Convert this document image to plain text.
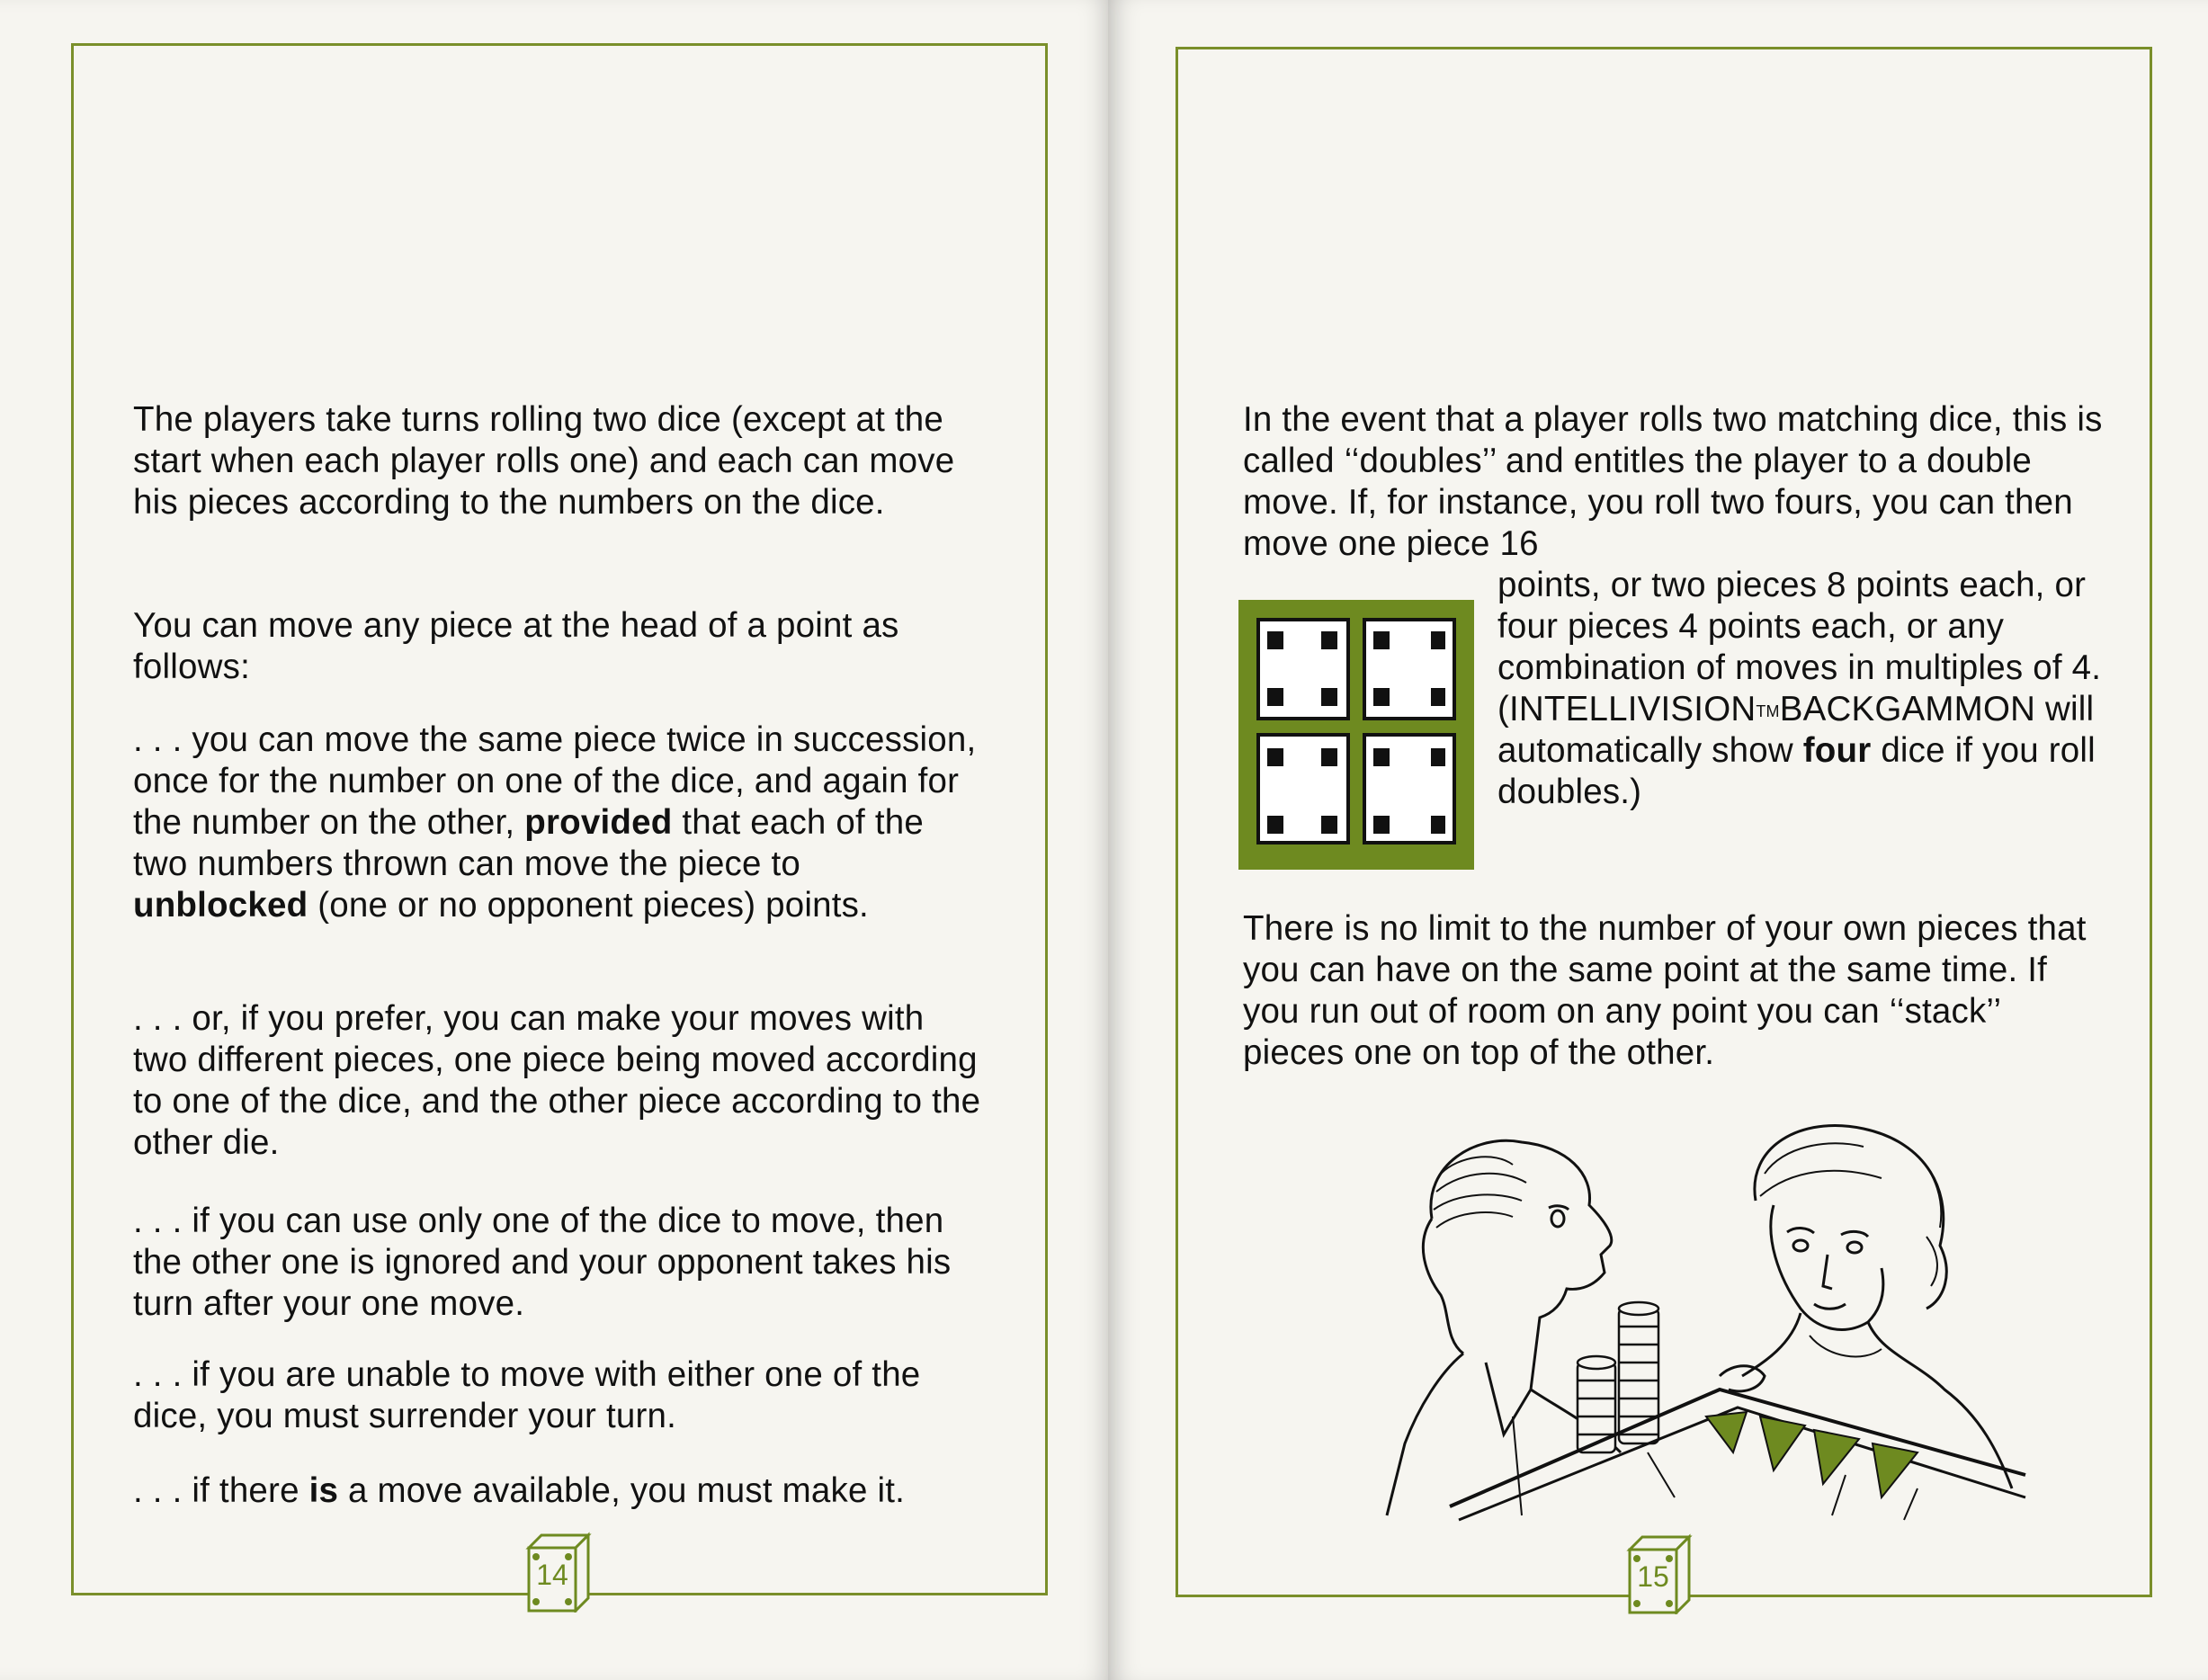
The players take turns rolling two dice (except at the start when each player rolls one) and each can move his pieces according to the numbers on the dice.

You can move any piece at the head of a point as follows:

. . . you can move the same piece twice in succession, once for the number on one of the dice, and again for the number on the other, provided that each of the two numbers thrown can move the piece to unblocked (one or no opponent pieces) points.

. . . or, if you prefer, you can make your moves with two different pieces, one piece being moved according to one of the dice, and the other piece according to the other die.

. . . if you can use only one of the dice to move, then the other one is ignored and your opponent takes his turn after your one move.

. . . if you are unable to move with either one of the dice, you must surrender your turn.

. . . if there is a move available, you must make it.

14

In the event that a player rolls two matching dice, this is called ‘‘doubles’’ and entitles the player to a double move. If, for instance, you roll two fours, you can then move one piece 16

points, or two pieces 8 points each, or four pieces 4 points each, or any combination of moves in multiples of 4. (INTELLIVISION™BACKGAMMON will automatically show four dice if you roll doubles.)

There is no limit to the number of your own pieces that you can have on the same point at the same time. If you run out of room on any point you can ‘‘stack’’ pieces one on top of the other.

15
